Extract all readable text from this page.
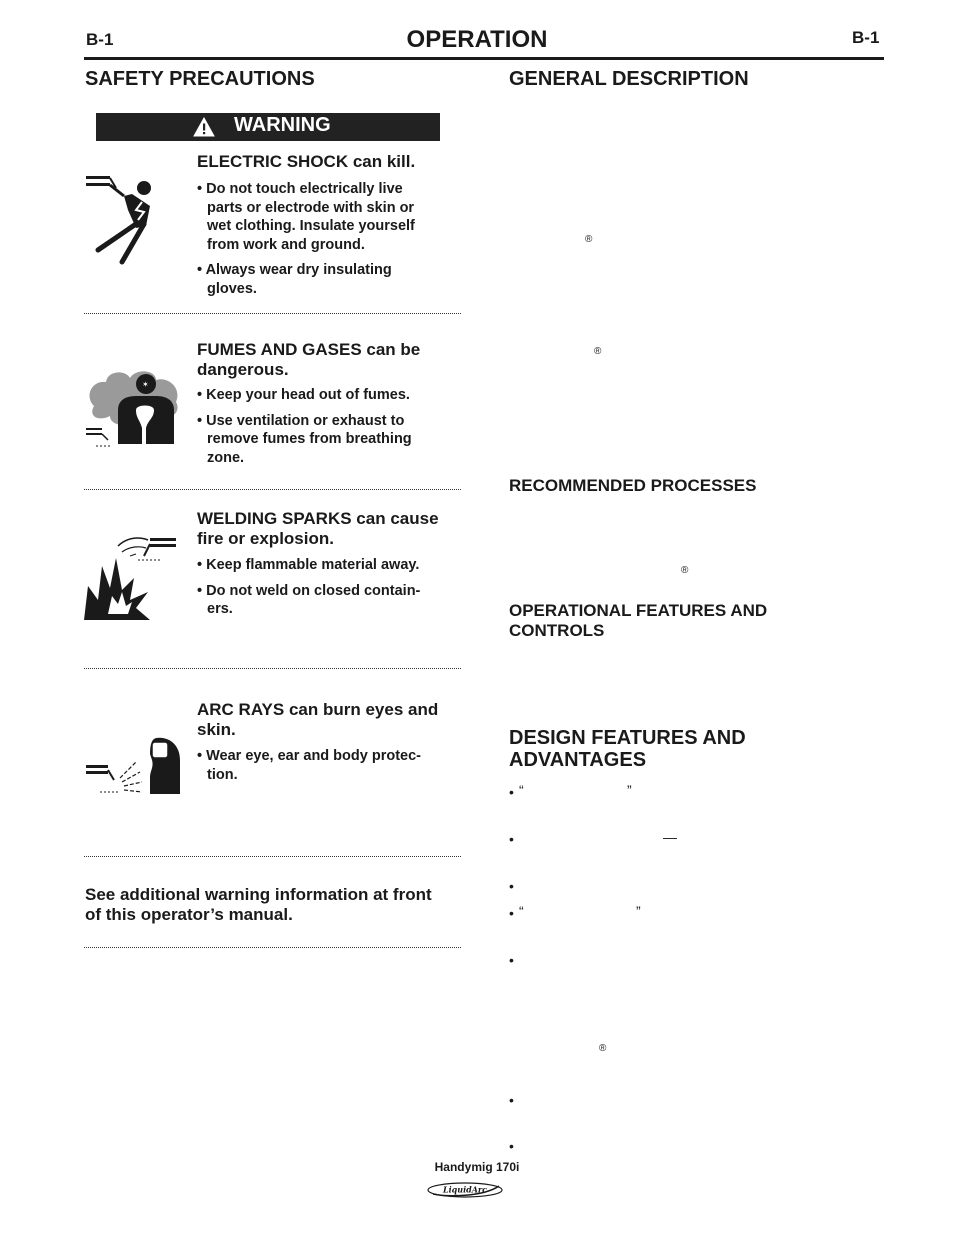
B-1	OPERATION	B-1
SAFETY PRECAUTIONS
WARNING
ELECTRIC SHOCK can kill.
• Do not touch electrically live parts or electrode with skin or wet clothing. Insulate yourself from work and ground.
• Always wear dry insulating gloves.
✶
FUMES AND GASES can be dangerous.
• Keep your head out of fumes.
• Use ventilation or exhaust to remove fumes from breathing zone.
WELDING SPARKS can cause fire or explosion.
• Keep flammable material away.
• Do not weld on closed contain-ers.
ARC RAYS can burn eyes and skin.
• Wear eye, ear and body protec-tion.
See additional warning information at front of this operator’s manual.
GENERAL DESCRIPTION
®
®
RECOMMENDED PROCESSES
®
OPERATIONAL FEATURES AND CONTROLS
DESIGN FEATURES AND ADVANTAGES
• “	”
•	—
•
• “	”
•
®
•
•
Handymig 170i
LiquidArc
